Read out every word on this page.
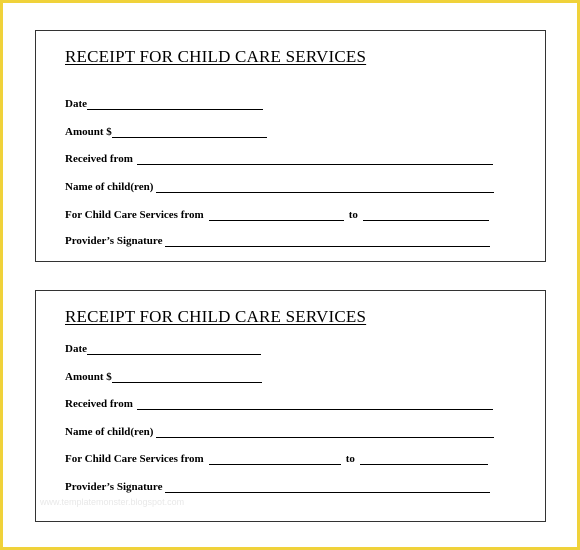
RECEIPT FOR CHILD CARE SERVICES
Date
Amount $
Received from
Name of child(ren)
For Child Care Services from	to
Provider’s Signature
RECEIPT FOR CHILD CARE SERVICES
Date
Amount $
Received from
Name of child(ren)
For Child Care Services from	to
Provider’s Signature
www.templatemonster.blogspot.com
